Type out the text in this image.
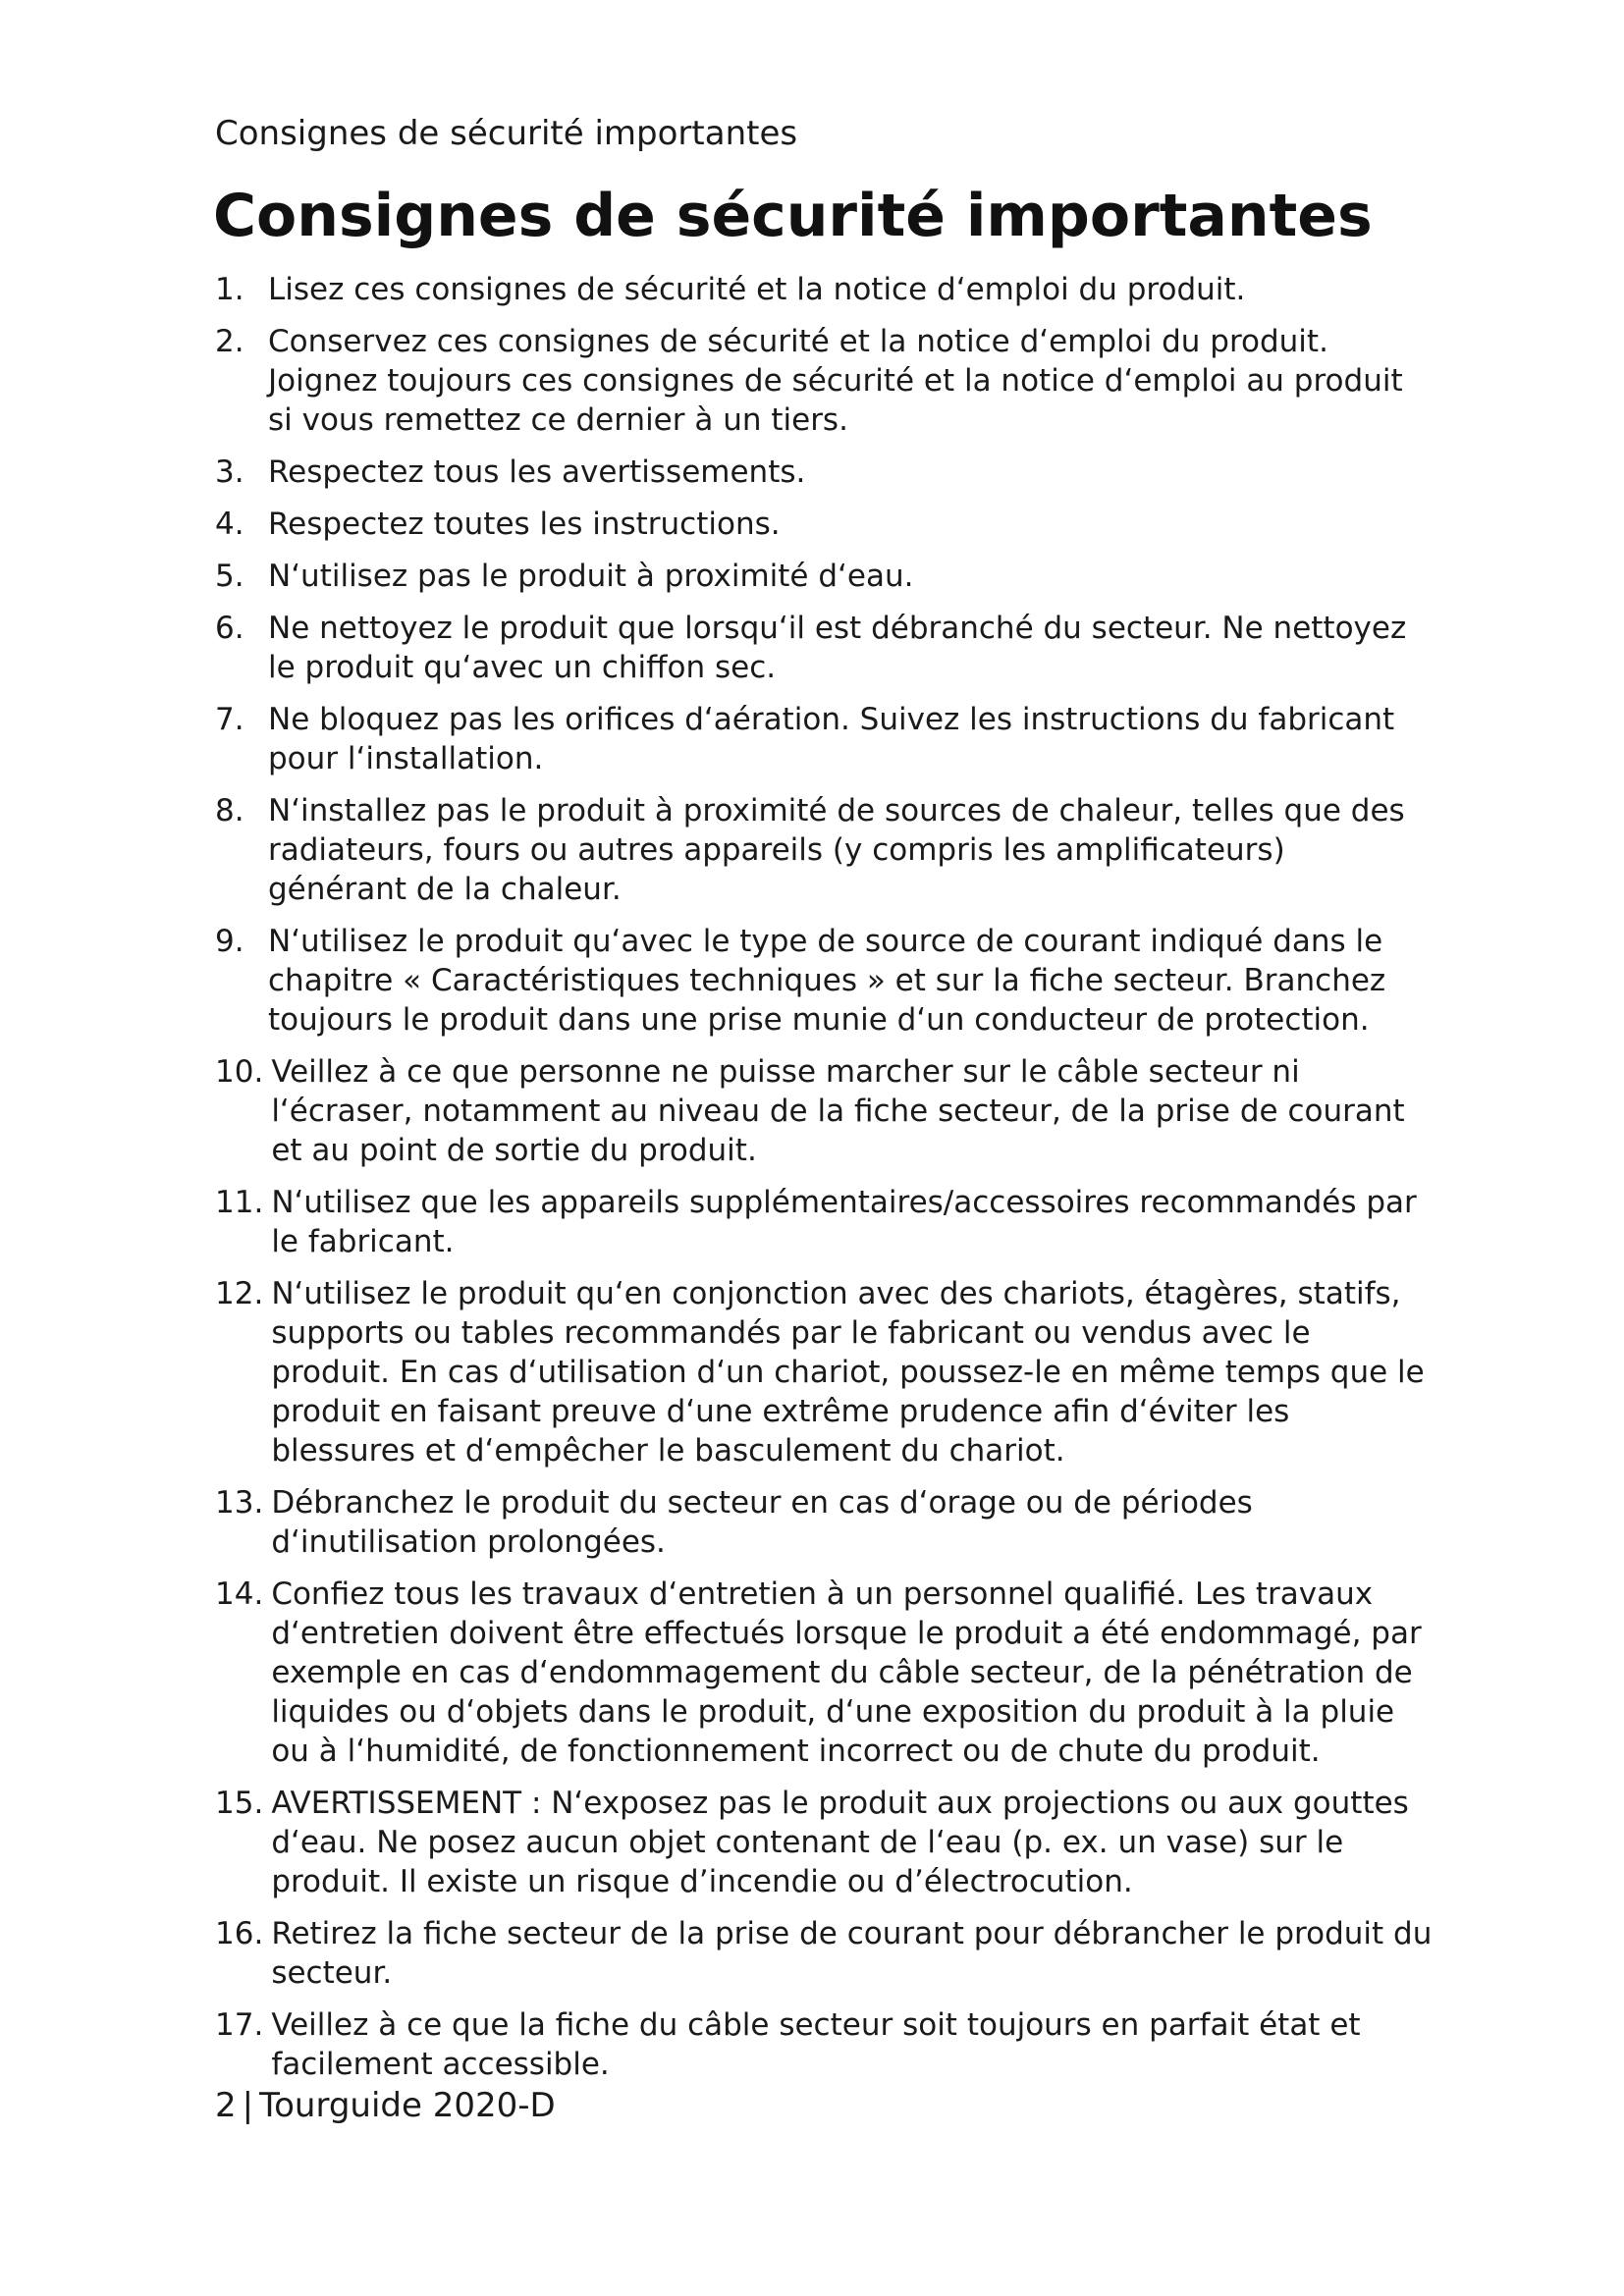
Consignes de sécurité importantes
Consignes de sécurité importantes
1. Lisez ces consignes de sécurité et la notice d‘emploi du produit.
2. Conservez ces consignes de sécurité et la notice d‘emploi du produit. Joignez toujours ces consignes de sécurité et la notice d‘emploi au produit si vous remettez ce dernier à un tiers.
3. Respectez tous les avertissements.
4. Respectez toutes les instructions.
5. N‘utilisez pas le produit à proximité d‘eau.
6. Ne nettoyez le produit que lorsqu‘il est débranché du secteur. Ne nettoyez le produit qu‘avec un chiffon sec.
7. Ne bloquez pas les orifices d‘aération. Suivez les instructions du fabricant pour l‘installation.
8. N‘installez pas le produit à proximité de sources de chaleur, telles que des radiateurs, fours ou autres appareils (y compris les amplificateurs) générant de la chaleur.
9. N‘utilisez le produit qu‘avec le type de source de courant indiqué dans le chapitre « Caractéristiques techniques » et sur la fiche secteur. Branchez toujours le produit dans une prise munie d‘un conducteur de protection.
10. Veillez à ce que personne ne puisse marcher sur le câble secteur ni l‘écraser, notamment au niveau de la fiche secteur, de la prise de courant et au point de sortie du produit.
11. N‘utilisez que les appareils supplémentaires/accessoires recommandés par le fabricant.
12. N‘utilisez le produit qu‘en conjonction avec des chariots, étagères, statifs, supports ou tables recommandés par le fabricant ou vendus avec le produit. En cas d‘utilisation d‘un chariot, poussez-le en même temps que le produit en faisant preuve d‘une extrême prudence afin d‘éviter les blessures et d‘empêcher le basculement du chariot.
13. Débranchez le produit du secteur en cas d‘orage ou de périodes d‘inutilisation prolongées.
14. Confiez tous les travaux d‘entretien à un personnel qualifié. Les travaux d‘entretien doivent être effectués lorsque le produit a été endommagé, par exemple en cas d‘endommagement du câble secteur, de la pénétration de liquides ou d‘objets dans le produit, d‘une exposition du produit à la pluie ou à l‘humidité, de fonctionnement incorrect ou de chute du produit.
15. AVERTISSEMENT : N‘exposez pas le produit aux projections ou aux gouttes d‘eau. Ne posez aucun objet contenant de l‘eau (p. ex. un vase) sur le produit. Il existe un risque d’incendie ou d’électrocution.
16. Retirez la fiche secteur de la prise de courant pour débrancher le produit du secteur.
17. Veillez à ce que la fiche du câble secteur soit toujours en parfait état et facilement accessible.
2 | Tourguide 2020-D
